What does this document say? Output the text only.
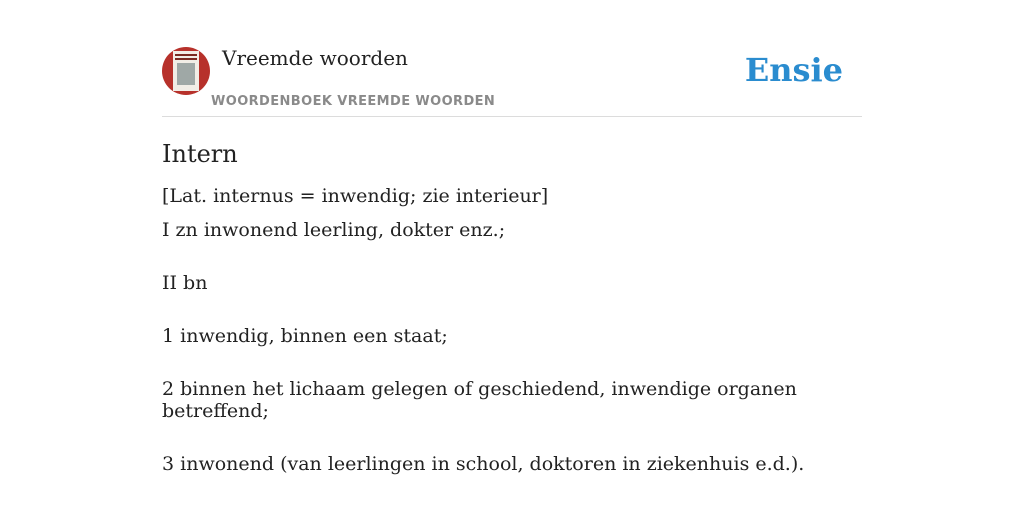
Vreemde woorden
WOORDENBOEK VREEMDE WOORDEN
Ensie
Intern
[Lat. internus = inwendig; zie interieur]
I zn inwonend leerling, dokter enz.;
II bn
1 inwendig, binnen een staat;
2 binnen het lichaam gelegen of geschiedend, inwendige organen betreffend;
3 inwonend (van leerlingen in school, doktoren in ziekenhuis e.d.).
